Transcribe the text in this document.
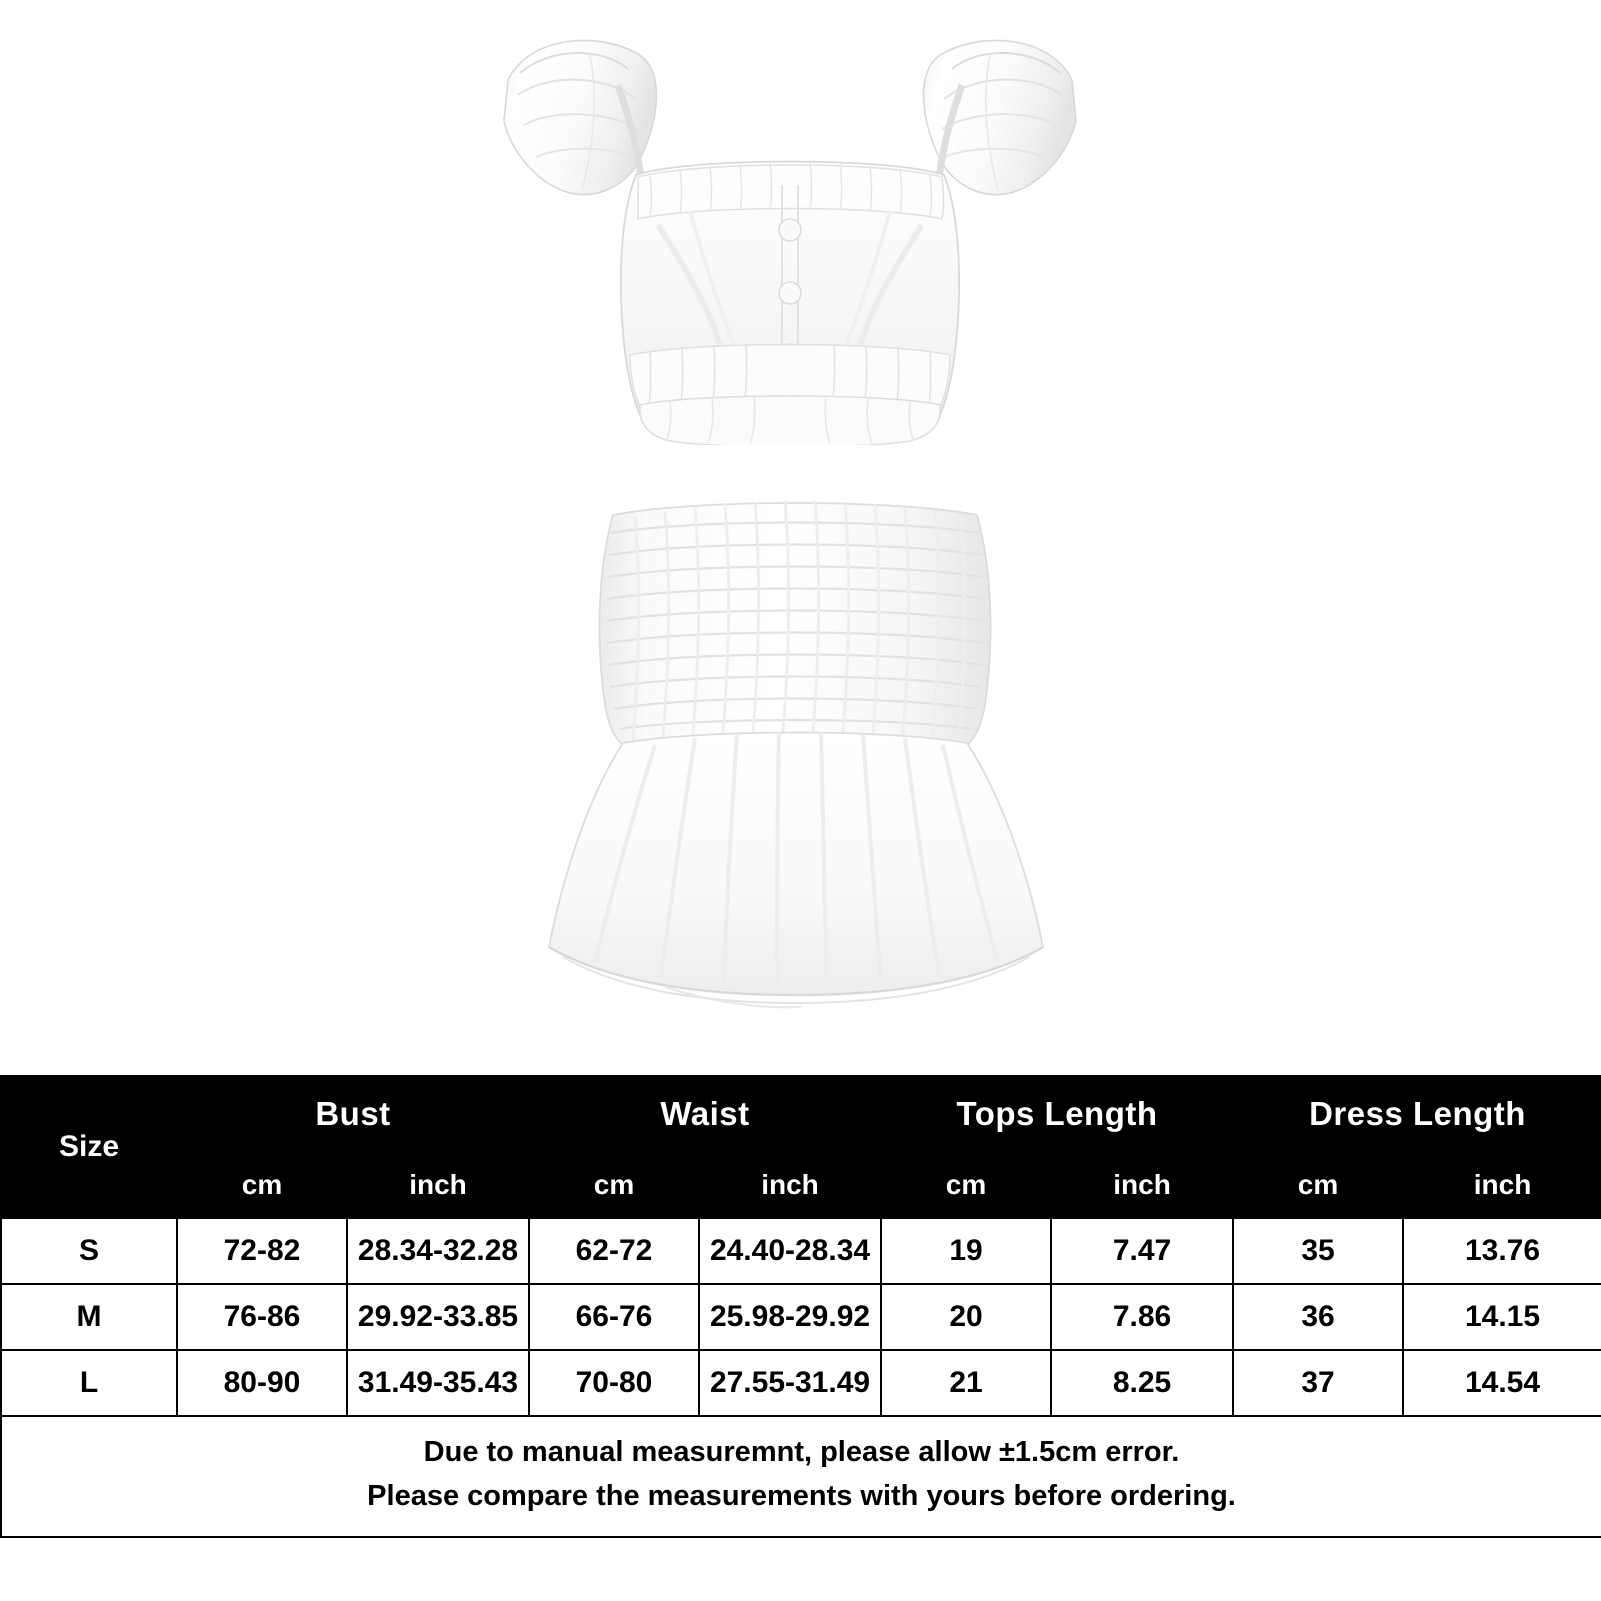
Size	Bust		Waist		Tops Length		Dress Length	
	cm	inch	cm	inch	cm	inch	cm	inch
S	72-82	28.34-32.28	62-72	24.40-28.34	19	7.47	35	13.76
M	76-86	29.92-33.85	66-76	25.98-29.92	20	7.86	36	14.15
L	80-90	31.49-35.43	70-80	27.55-31.49	21	8.25	37	14.54

Due to manual measuremnt, please allow ±1.5cm error.
Please compare the measurements with yours before ordering.								
